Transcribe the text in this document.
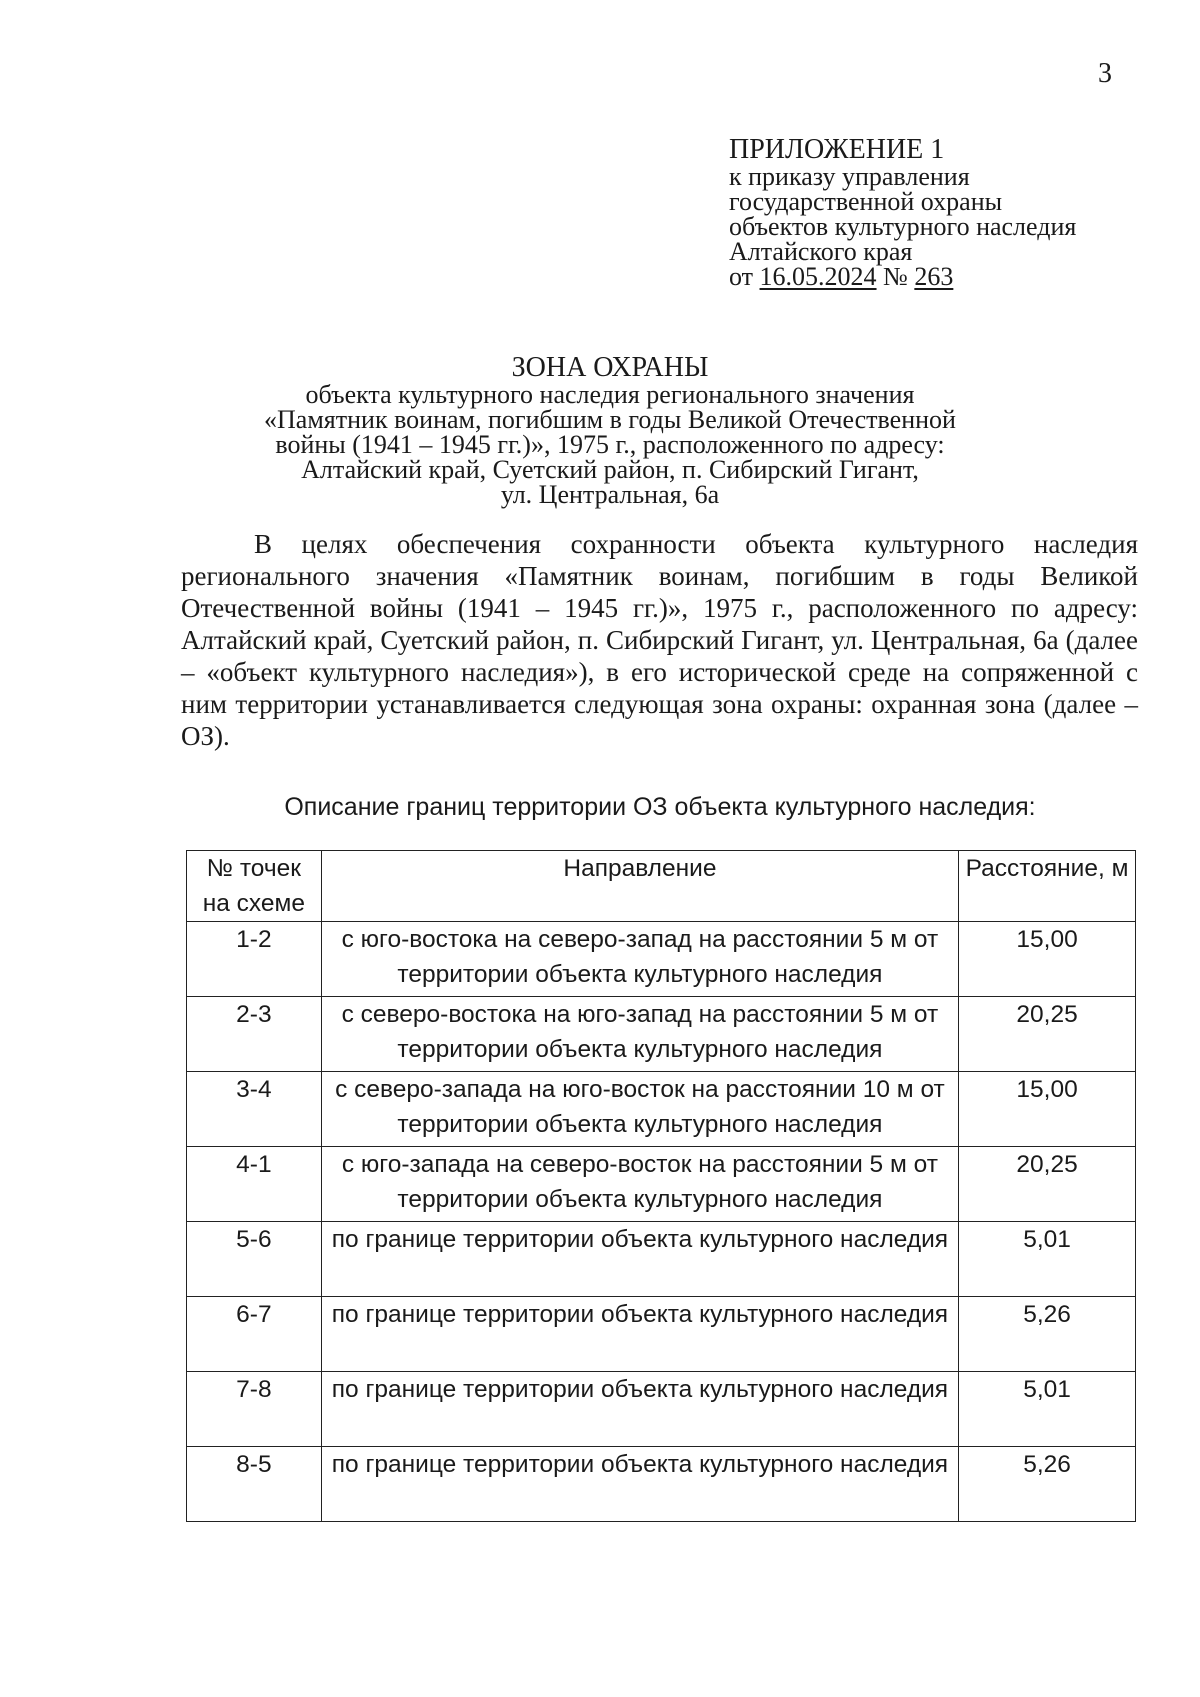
3
ПРИЛОЖЕНИЕ 1
к приказу управления
государственной охраны
объектов культурного наследия
Алтайского края
от 16.05.2024 № 263
ЗОНА ОХРАНЫ
объекта культурного наследия регионального значения
«Памятник воинам, погибшим в годы Великой Отечественной
войны (1941 – 1945 гг.)», 1975 г., расположенного по адресу:
Алтайский край, Суетский район, п. Сибирский Гигант,
ул. Центральная, 6а

В целях обеспечения сохранности объекта культурного наследия регионального значения «Памятник воинам, погибшим в годы Великой Отечественной войны (1941 – 1945 гг.)», 1975 г., расположенного по адресу: Алтайский край, Суетский район, п. Сибирский Гигант, ул. Центральная, 6а (далее – «объект культурного наследия»), в его исторической среде на сопряженной с ним территории устанавливается следующая зона охраны: охранная зона (далее – ОЗ).

Описание границ территории ОЗ объекта культурного наследия:
№ точек на схеме	Направление	Расстояние, м
1-2	с юго-востока на северо-запад на расстоянии 5 м от территории объекта культурного наследия	15,00
2-3	с северо-востока на юго-запад на расстоянии 5 м от территории объекта культурного наследия	20,25
3-4	с северо-запада на юго-восток на расстоянии 10 м от территории объекта культурного наследия	15,00
4-1	с юго-запада на северо-восток на расстоянии 5 м от территории объекта культурного наследия	20,25
5-6	по границе территории объекта культурного наследия	5,01
6-7	по границе территории объекта культурного наследия	5,26
7-8	по границе территории объекта культурного наследия	5,01
8-5	по границе территории объекта культурного наследия	5,26
